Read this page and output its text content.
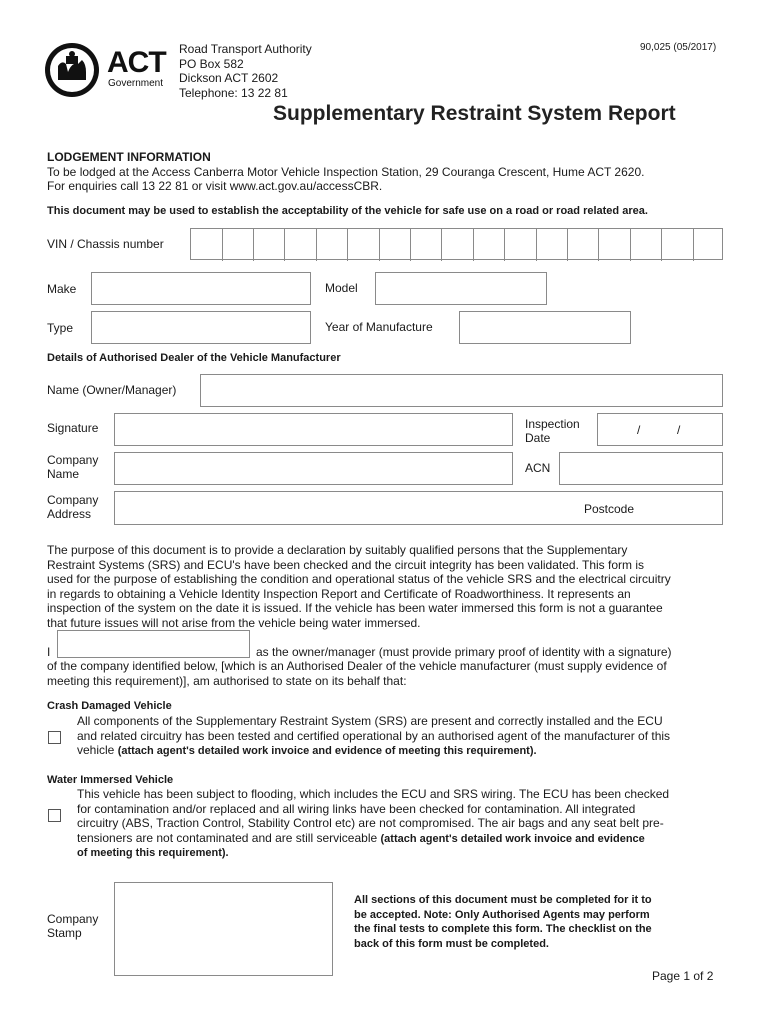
ACT
Government
Road Transport Authority
PO Box 582
Dickson ACT 2602
Telephone: 13 22 81
90,025 (05/2017)
Supplementary Restraint System Report
LODGEMENT INFORMATION
To be lodged at the Access Canberra Motor Vehicle Inspection Station, 29 Couranga Crescent, Hume ACT 2620.
For enquiries call 13 22 81 or visit www.act.gov.au/accessCBR.
This document may be used to establish the acceptability of the vehicle for safe use on a road or road related area.
VIN / Chassis number
Make	Model
Type	Year of Manufacture
Details of Authorised Dealer of the Vehicle Manufacturer
Name (Owner/Manager)
Signature	Inspection
Date
/	/
Company
Name	ACN
Company
Address	Postcode
The purpose of this document is to provide a declaration by suitably qualified persons that the Supplementary
Restraint Systems (SRS) and ECU's have been checked and the circuit integrity has been validated. This form is
used for the purpose of establishing the condition and operational status of the vehicle SRS and the electrical circuitry
in regards to obtaining a Vehicle Identity Inspection Report and Certificate of Roadworthiness. It represents an
inspection of the system on the date it is issued. If the vehicle has been water immersed this form is not a guarantee
that future issues will not arise from the vehicle being water immersed.
I	as the owner/manager (must provide primary proof of identity with a signature)
of the company identified below, [which is an Authorised Dealer of the vehicle manufacturer (must supply evidence of
meeting this requirement)], am authorised to state on its behalf that:
Crash Damaged Vehicle
All components of the Supplementary Restraint System (SRS) are present and correctly installed and the ECU
and related circuitry has been tested and certified operational by an authorised agent of the manufacturer of this
vehicle (attach agent's detailed work invoice and evidence of meeting this requirement).
Water Immersed Vehicle
This vehicle has been subject to flooding, which includes the ECU and SRS wiring. The ECU has been checked
for contamination and/or replaced and all wiring links have been checked for contamination. All integrated
circuitry (ABS, Traction Control, Stability Control etc) are not compromised. The air bags and any seat belt pre-
tensioners are not contaminated and are still serviceable (attach agent's detailed work invoice and evidence
of meeting this requirement).
Company
Stamp
All sections of this document must be completed for it to
be accepted. Note: Only Authorised Agents may perform
the final tests to complete this form. The checklist on the
back of this form must be completed.
Page 1 of 2
